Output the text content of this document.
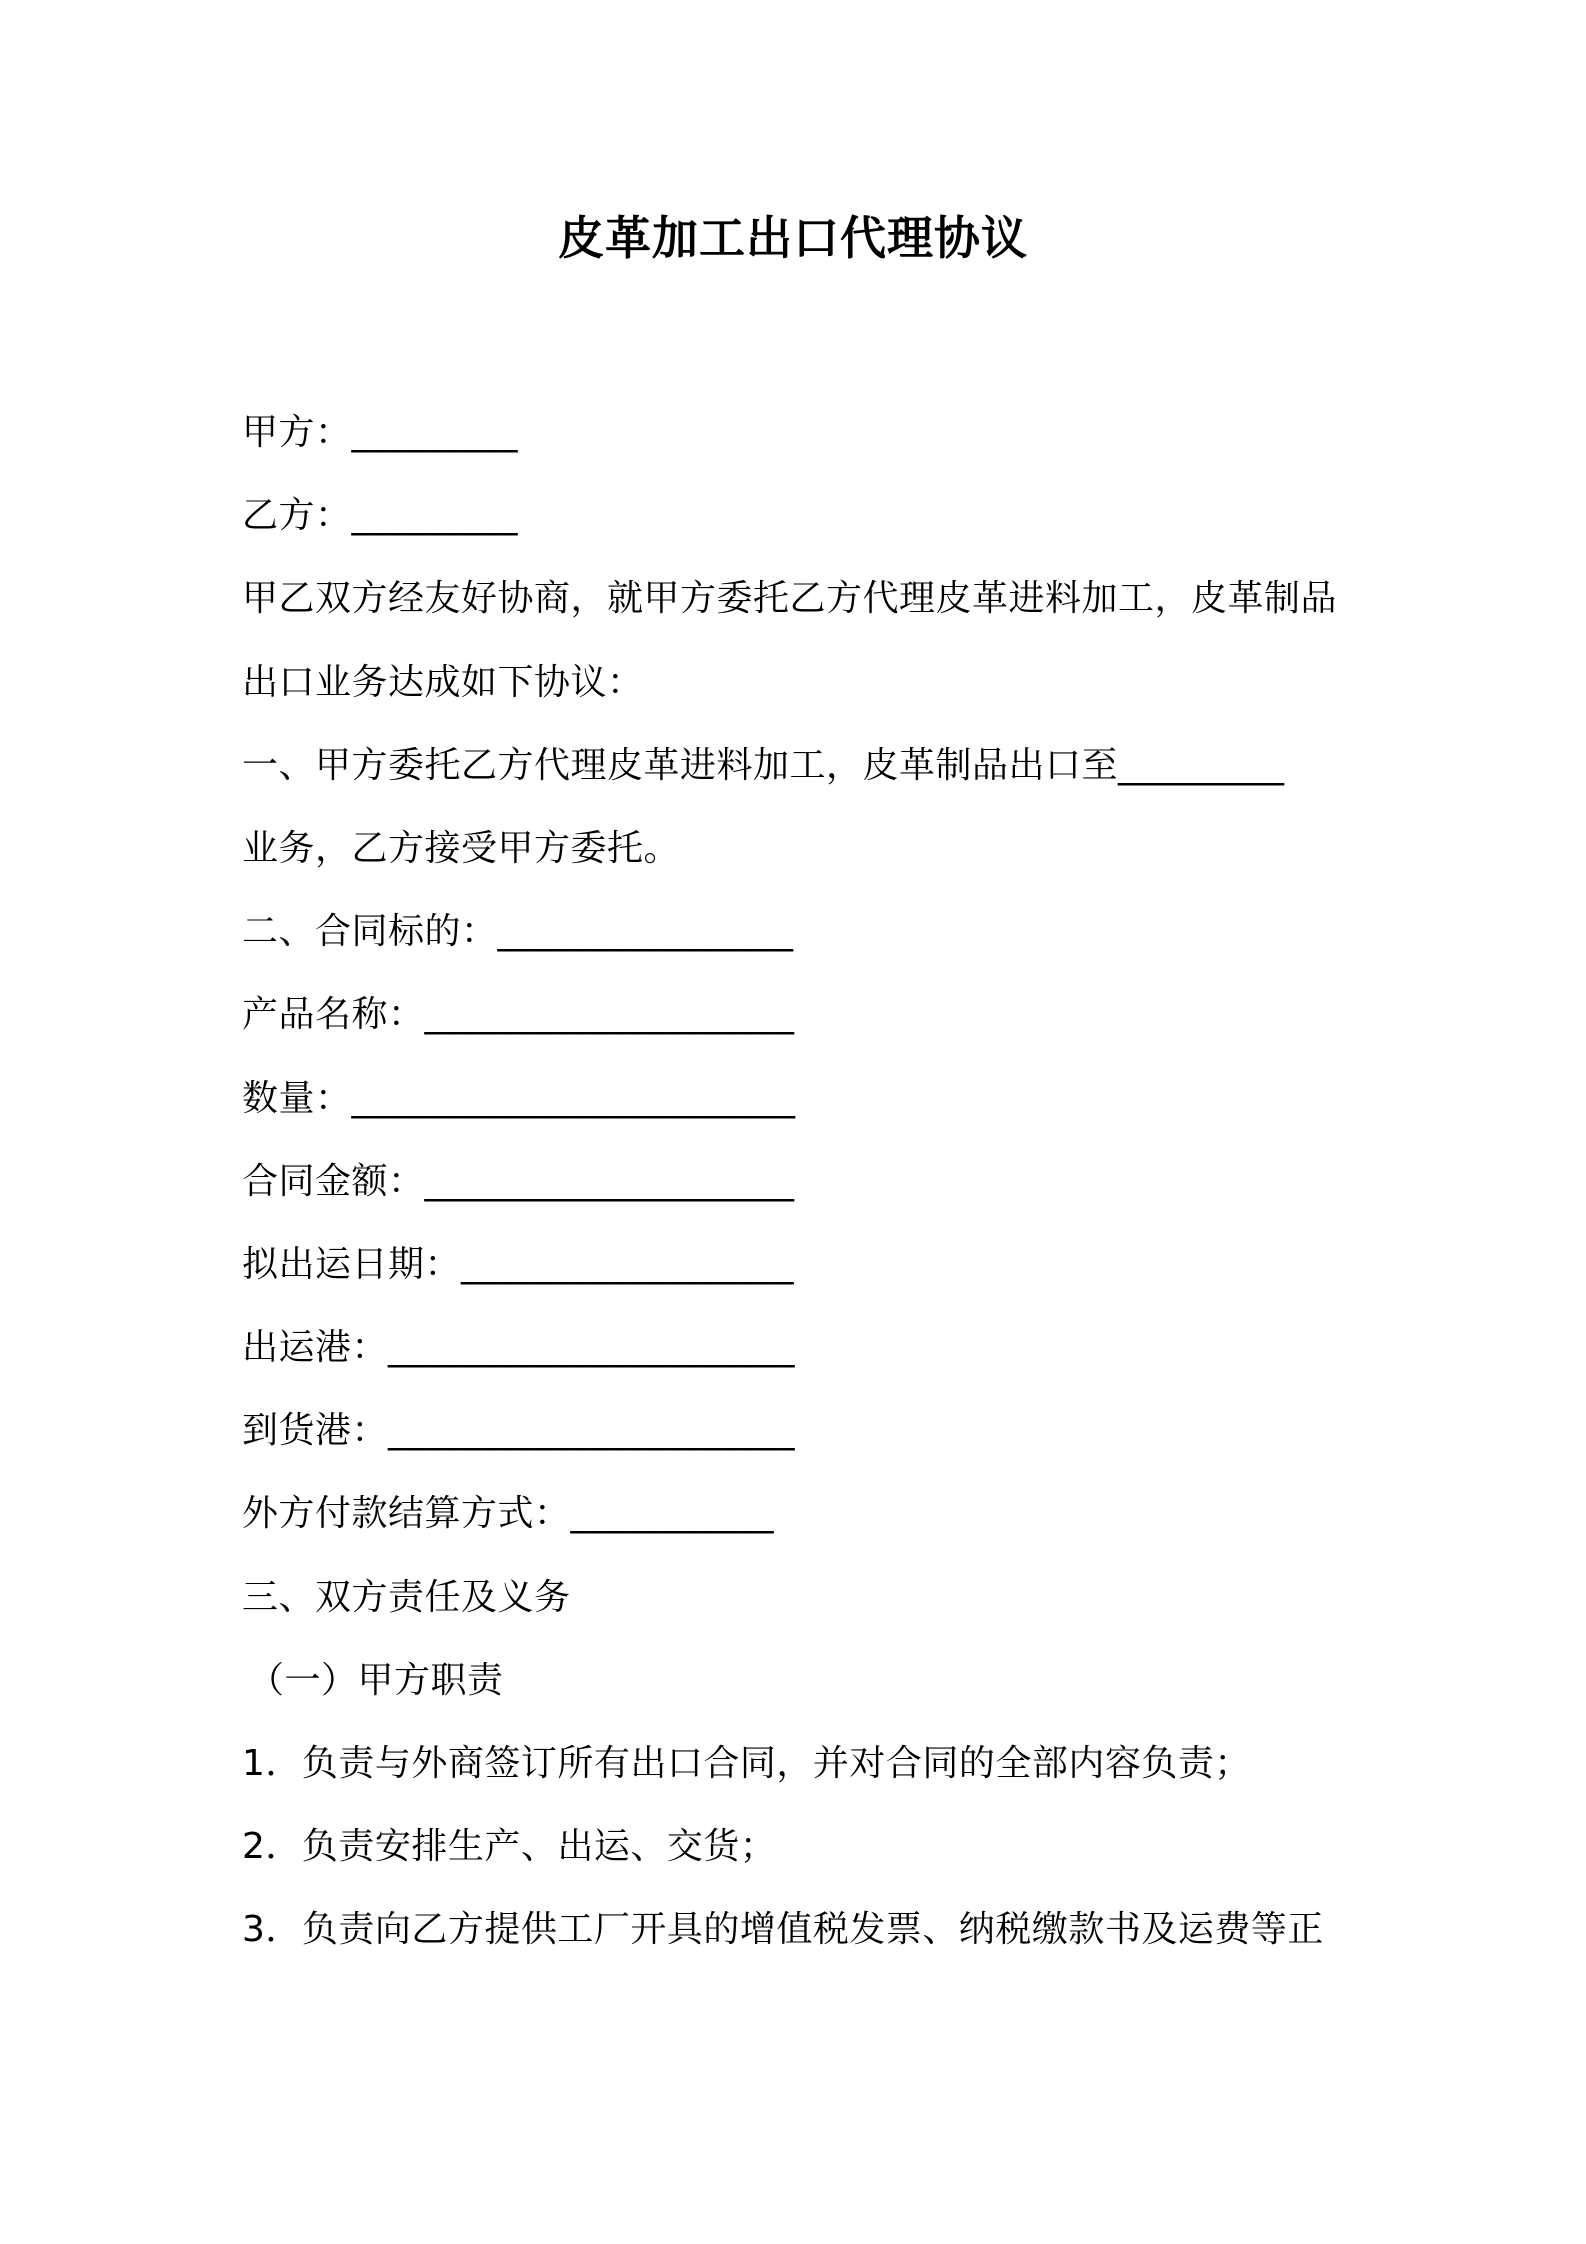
皮革加工出口代理协议
甲方：_________
乙方：_________
甲乙双方经友好协商，就甲方委托乙方代理皮革进料加工，皮革制品
出口业务达成如下协议：
一、甲方委托乙方代理皮革进料加工，皮革制品出口至_________
业务，乙方接受甲方委托。
二、合同标的：________________
产品名称：____________________
数量：________________________
合同金额：____________________
拟出运日期：__________________
出运港：______________________
到货港：______________________
外方付款结算方式：___________
三、双方责任及义务
（一）甲方职责
1．负责与外商签订所有出口合同，并对合同的全部内容负责；
2．负责安排生产、出运、交货；
3．负责向乙方提供工厂开具的增值税发票、纳税缴款书及运费等正
